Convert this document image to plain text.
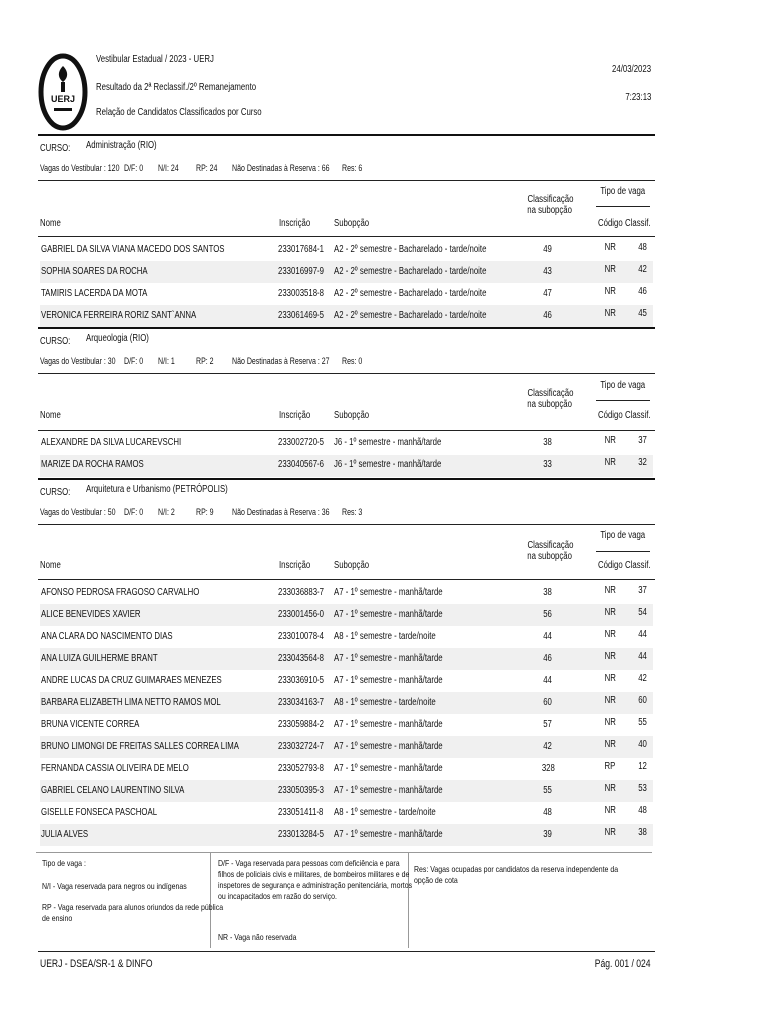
UERJ
Vestibular Estadual / 2023 - UERJ
Resultado da 2ª Reclassif./2º Remanejamento
Relação de Candidatos Classificados por Curso
24/03/2023
7:23:13
CURSO:	Administração (RIO)
Vagas do Vestibular : 120 D/F: 0	N/I: 24	RP: 24	Não Destinadas à Reserva : 66	Res: 6
Classificação
na subopção
Tipo de vaga
Nome	Inscrição	Subopção	Código Classif.
GABRIEL DA SILVA VIANA MACEDO DOS SANTOS	233017684-1	A2 - 2º semestre - Bacharelado - tarde/noite	49	NR	48
SOPHIA SOARES DA ROCHA	233016997-9	A2 - 2º semestre - Bacharelado - tarde/noite	43	NR	42
TAMIRIS LACERDA DA MOTA	233003518-8	A2 - 2º semestre - Bacharelado - tarde/noite	47	NR	46
VERONICA FERREIRA RORIZ SANT`ANNA	233061469-5	A2 - 2º semestre - Bacharelado - tarde/noite	46	NR	45
CURSO:	Arqueologia (RIO)
Vagas do Vestibular : 30 D/F: 0	N/I: 1	RP: 2	Não Destinadas à Reserva : 27	Res: 0
Classificação
na subopção
Tipo de vaga
Nome	Inscrição	Subopção	Código Classif.
ALEXANDRE DA SILVA LUCAREVSCHI	233002720-5	J6 - 1º semestre - manhã/tarde	38	NR	37
MARIZE DA ROCHA RAMOS	233040567-6	J6 - 1º semestre - manhã/tarde	33	NR	32
CURSO:	Arquitetura e Urbanismo (PETRÓPOLIS)
Vagas do Vestibular : 50 D/F: 0	N/I: 2	RP: 9	Não Destinadas à Reserva : 36	Res: 3
Classificação
na subopção
Tipo de vaga
Nome	Inscrição	Subopção	Código Classif.
AFONSO PEDROSA FRAGOSO CARVALHO	233036883-7	A7 - 1º semestre - manhã/tarde	38	NR	37
ALICE BENEVIDES XAVIER	233001456-0	A7 - 1º semestre - manhã/tarde	56	NR	54
ANA CLARA DO NASCIMENTO DIAS	233010078-4	A8 - 1º semestre - tarde/noite	44	NR	44
ANA LUIZA GUILHERME BRANT	233043564-8	A7 - 1º semestre - manhã/tarde	46	NR	44
ANDRE LUCAS DA CRUZ GUIMARAES MENEZES	233036910-5	A7 - 1º semestre - manhã/tarde	44	NR	42
BARBARA ELIZABETH LIMA NETTO RAMOS MOL	233034163-7	A8 - 1º semestre - tarde/noite	60	NR	60
BRUNA VICENTE CORREA	233059884-2	A7 - 1º semestre - manhã/tarde	57	NR	55
BRUNO LIMONGI DE FREITAS SALLES CORREA LIMA	233032724-7	A7 - 1º semestre - manhã/tarde	42	NR	40
FERNANDA CASSIA OLIVEIRA DE MELO	233052793-8	A7 - 1º semestre - manhã/tarde	328	RP	12
GABRIEL CELANO LAURENTINO SILVA	233050395-3	A7 - 1º semestre - manhã/tarde	55	NR	53
GISELLE FONSECA PASCHOAL	233051411-8	A8 - 1º semestre - tarde/noite	48	NR	48
JULIA ALVES	233013284-5	A7 - 1º semestre - manhã/tarde	39	NR	38
Tipo de vaga :
N/I - Vaga reservada para negros ou indígenas
RP - Vaga reservada para alunos oriundos da rede pública
de ensino
D/F - Vaga reservada para pessoas com deficiência e para
filhos de policiais civis e militares, de bombeiros militares e de
inspetores de segurança e administração penitenciária, mortos
ou incapacitados em razão do serviço.
NR - Vaga não reservada
Res: Vagas ocupadas por candidatos da reserva independente da
opção de cota
UERJ - DSEA/SR-1 & DINFO	Pág. 001 / 024
